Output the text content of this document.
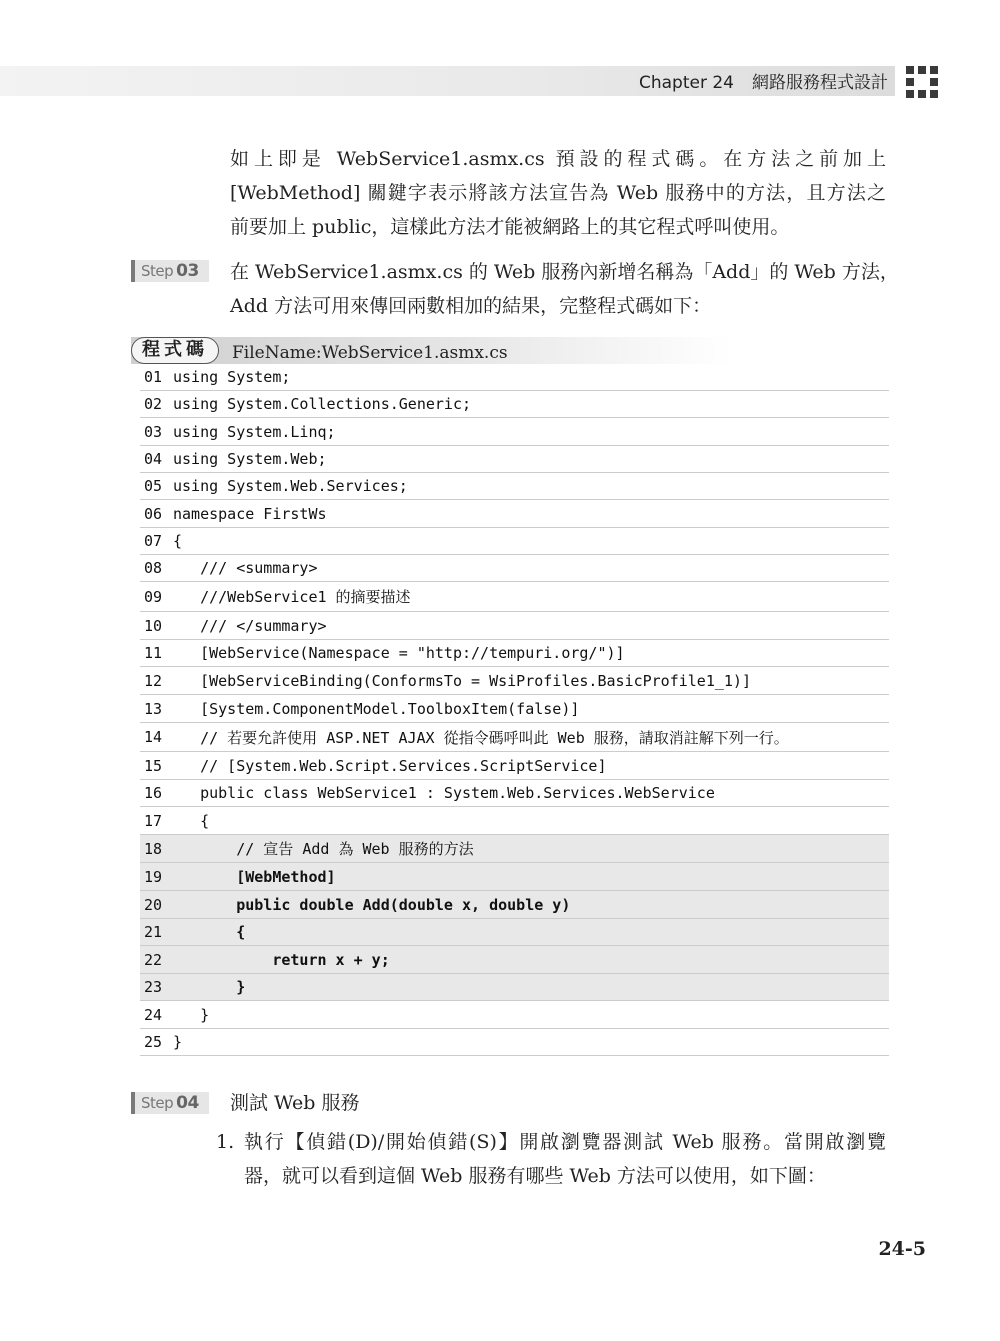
Chapter 24 網路服務程式設計

如上即是 WebService1.asmx.cs 預設的程式碼。在方法之前加上

[WebMethod] 關鍵字表示將該方法宣告為 Web 服務中的方法，且方法之

前要加上 public，這樣此方法才能被網路上的其它程式呼叫使用。

Step 03	在 WebService1.asmx.cs 的 Web 服務內新增名稱為「Add」的 Web 方法，

Add 方法可用來傳回兩數相加的結果，完整程式碼如下：

程式碼	FileName:WebService1.asmx.cs
01 using System;
02 using System.Collections.Generic;
03 using System.Linq;
04 using System.Web;
05 using System.Web.Services;
06 namespace FirstWs
07 {
08 /// <summary>
09 ///WebService1 的摘要描述
10 /// </summary>
11 [WebService(Namespace = "http://tempuri.org/")]
12 [WebServiceBinding(ConformsTo = WsiProfiles.BasicProfile1_1)]
13 [System.ComponentModel.ToolboxItem(false)]
14 // 若要允許使用 ASP.NET AJAX 從指令碼呼叫此 Web 服務，請取消註解下列一行。
15 // [System.Web.Script.Services.ScriptService]
16 public class WebService1 : System.Web.Services.WebService
17 {
18 // 宣告 Add 為 Web 服務的方法
19 [WebMethod]
20 public double Add(double x, double y)
21 {
22 return x + y;
23 }
24 }
25 }
Step 04	測試 Web 服務
1. 執行【偵錯(D)/開始偵錯(S)】開啟瀏覽器測試 Web 服務。當開啟瀏覽

器，就可以看到這個 Web 服務有哪些 Web 方法可以使用，如下圖：

24-5
